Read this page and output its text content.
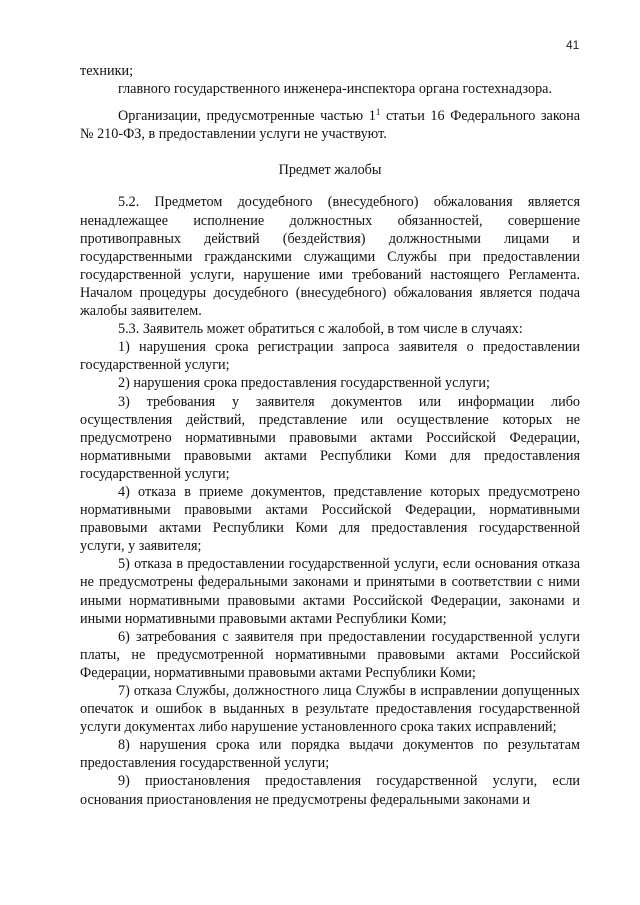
41

техники;

главного государственного инженера-инспектора органа гостехнадзора.

Организации, предусмотренные частью $1^1$ статьи 16 Федерального закона № 210-ФЗ, в предоставлении услуги не участвуют.

Предмет жалобы

5.2. Предметом досудебного (внесудебного) обжалования является ненадлежащее исполнение должностных обязанностей, совершение противоправных действий (бездействия) должностными лицами и государственными гражданскими служащими Службы при предоставлении государственной услуги, нарушение ими требований настоящего Регламента. Началом процедуры досудебного (внесудебного) обжалования является подача жалобы заявителем.

5.3. Заявитель может обратиться с жалобой, в том числе в случаях:

1) нарушения срока регистрации запроса заявителя о предоставлении государственной услуги;

2) нарушения срока предоставления государственной услуги;

3) требования у заявителя документов или информации либо осуществления действий, представление или осуществление которых не предусмотрено нормативными правовыми актами Российской Федерации, нормативными правовыми актами Республики Коми для предоставления государственной услуги;

4) отказа в приеме документов, представление которых предусмотрено нормативными правовыми актами Российской Федерации, нормативными правовыми актами Республики Коми для предоставления государственной услуги, у заявителя;

5) отказа в предоставлении государственной услуги, если основания отказа не предусмотрены федеральными законами и принятыми в соответствии с ними иными нормативными правовыми актами Российской Федерации, законами и иными нормативными правовыми актами Республики Коми;

6) затребования с заявителя при предоставлении государственной услуги платы, не предусмотренной нормативными правовыми актами Российской Федерации, нормативными правовыми актами Республики Коми;

7) отказа Службы, должностного лица Службы в исправлении допущенных опечаток и ошибок в выданных в результате предоставления государственной услуги документах либо нарушение установленного срока таких исправлений;

8) нарушения срока или порядка выдачи документов по результатам предоставления государственной услуги;

9) приостановления предоставления государственной услуги, если основания приостановления не предусмотрены федеральными законами и
